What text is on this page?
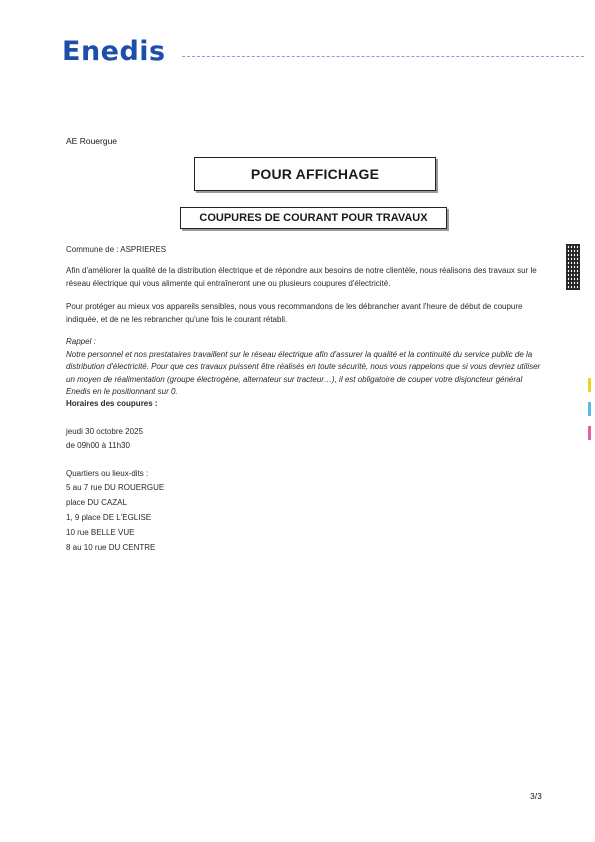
Enedis
AE Rouergue
POUR AFFICHAGE
COUPURES DE COURANT POUR TRAVAUX
Commune de : ASPRIERES
Afin d'améliorer la qualité de la distribution électrique et de répondre aux besoins de notre clientèle, nous réalisons des travaux sur le réseau électrique qui vous alimente qui entraîneront une ou plusieurs coupures d'électricité.
Pour protéger au mieux vos appareils sensibles, nous vous recommandons de les débrancher avant l'heure de début de coupure indiquée, et de ne les rebrancher qu'une fois le courant rétabli.
Rappel :
Notre personnel et nos prestataires travaillent sur le réseau électrique afin d'assurer la qualité et la continuité du service public de la distribution d'électricité. Pour que ces travaux puissent être réalisés en toute sécurité, nous vous rappelons que si vous devriez utiliser un moyen de réalimentation (groupe électrogène, alternateur sur tracteur…), il est obligatoire de couper votre disjoncteur général Enedis en le positionnant sur 0.
Horaires des coupures :
jeudi 30 octobre 2025
de 09h00 à 11h30
Quartiers ou lieux-dits :
5 au 7 rue DU ROUERGUE
place DU CAZAL
1, 9 place DE L'EGLISE
10 rue BELLE VUE
8 au 10 rue DU CENTRE
3/3
